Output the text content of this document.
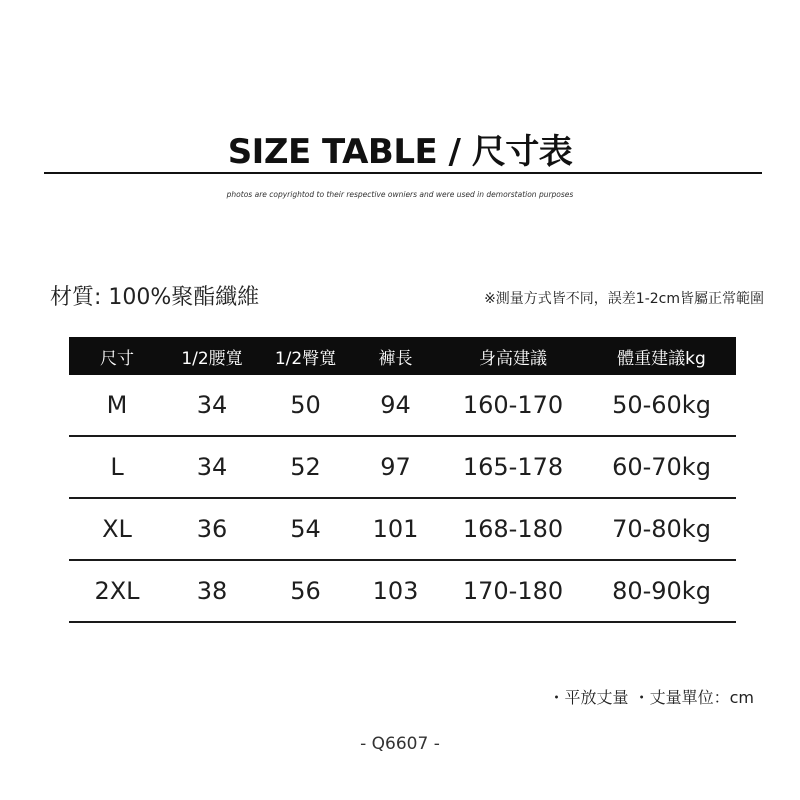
SIZE TABLE / 尺寸表
photos are copyrightod to their respective owniers and were used in demorstation purposes
材質: 100%聚酯纖維	※測量方式皆不同，誤差1-2cm皆屬正常範圍
尺寸	1/2腰寬	1/2臀寬	褲長	身高建議	體重建議kg
M	34	50	94	160-170	50-60kg
L	34	52	97	165-178	60-70kg
XL	36	54	101	168-180	70-80kg
2XL	38	56	103	170-180	80-90kg
・平放丈量 ・丈量單位：cm
- Q6607 -
